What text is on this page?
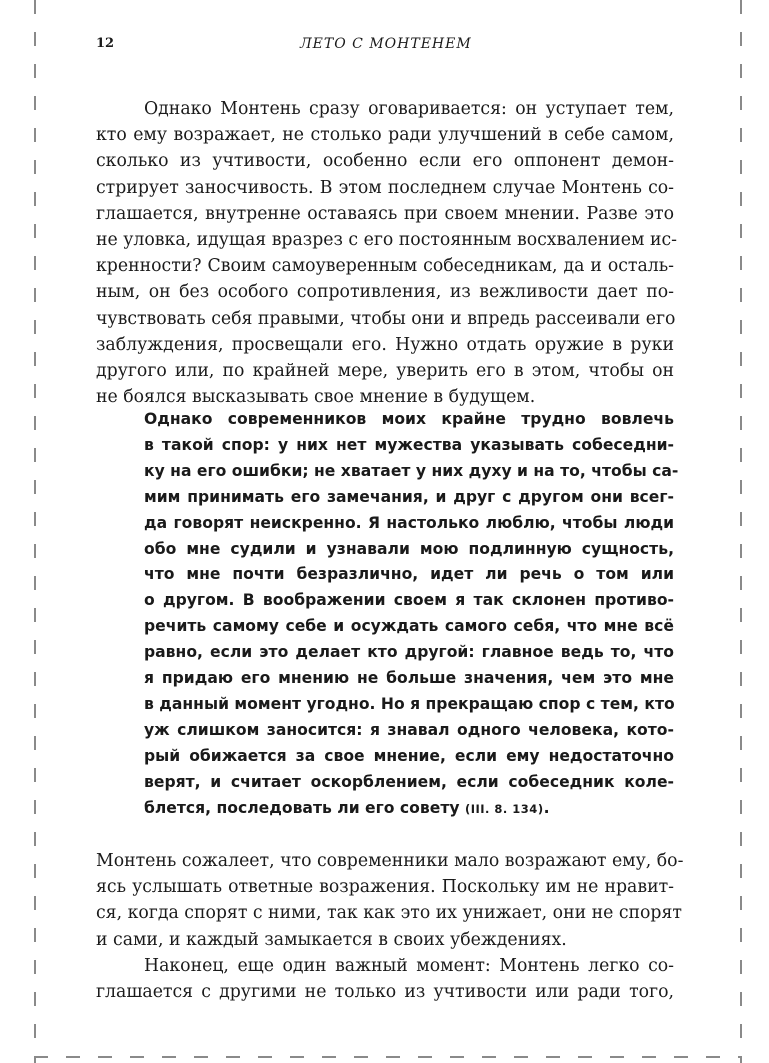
12	ЛЕТО С МОНТЕНЕМ
Однако Монтень сразу оговаривается: он уступает тем,
кто ему возражает, не столько ради улучшений в себе самом,
сколько из учтивости, особенно если его оппонент демон-
стрирует заносчивость. В этом последнем случае Монтень со-
глашается, внутренне оставаясь при своем мнении. Разве это
не уловка, идущая вразрез с его постоянным восхвалением ис-
кренности? Своим самоуверенным собеседникам, да и осталь-
ным, он без особого сопротивления, из вежливости дает по-
чувствовать себя правыми, чтобы они и впредь рассеивали его
заблуждения, просвещали его. Нужно отдать оружие в руки
другого или, по крайней мере, уверить его в этом, чтобы он
не боялся высказывать свое мнение в будущем.
Однако современников моих крайне трудно вовлечь
в такой спор: у них нет мужества указывать собеседни-
ку на его ошибки; не хватает у них духу и на то, чтобы са-
мим принимать его замечания, и друг с другом они всег-
да говорят неискренно. Я настолько люблю, чтобы люди
обо мне судили и узнавали мою подлинную сущность,
что мне почти безразлично, идет ли речь о том или
о другом. В воображении своем я так склонен противо-
речить самому себе и осуждать самого себя, что мне всё
равно, если это делает кто другой: главное ведь то, что
я придаю его мнению не больше значения, чем это мне
в данный момент угодно. Но я прекращаю спор с тем, кто
уж слишком заносится: я знавал одного человека, кото-
рый обижается за свое мнение, если ему недостаточно
верят, и считает оскорблением, если собеседник коле-
блется, последовать ли его совету (III. 8. 134).
Монтень сожалеет, что современники мало возражают ему, бо-
ясь услышать ответные возражения. Поскольку им не нравит-
ся, когда спорят с ними, так как это их унижает, они не спорят
и сами, и каждый замыкается в своих убеждениях.
Наконец, еще один важный момент: Монтень легко со-
глашается с другими не только из учтивости или ради того,
